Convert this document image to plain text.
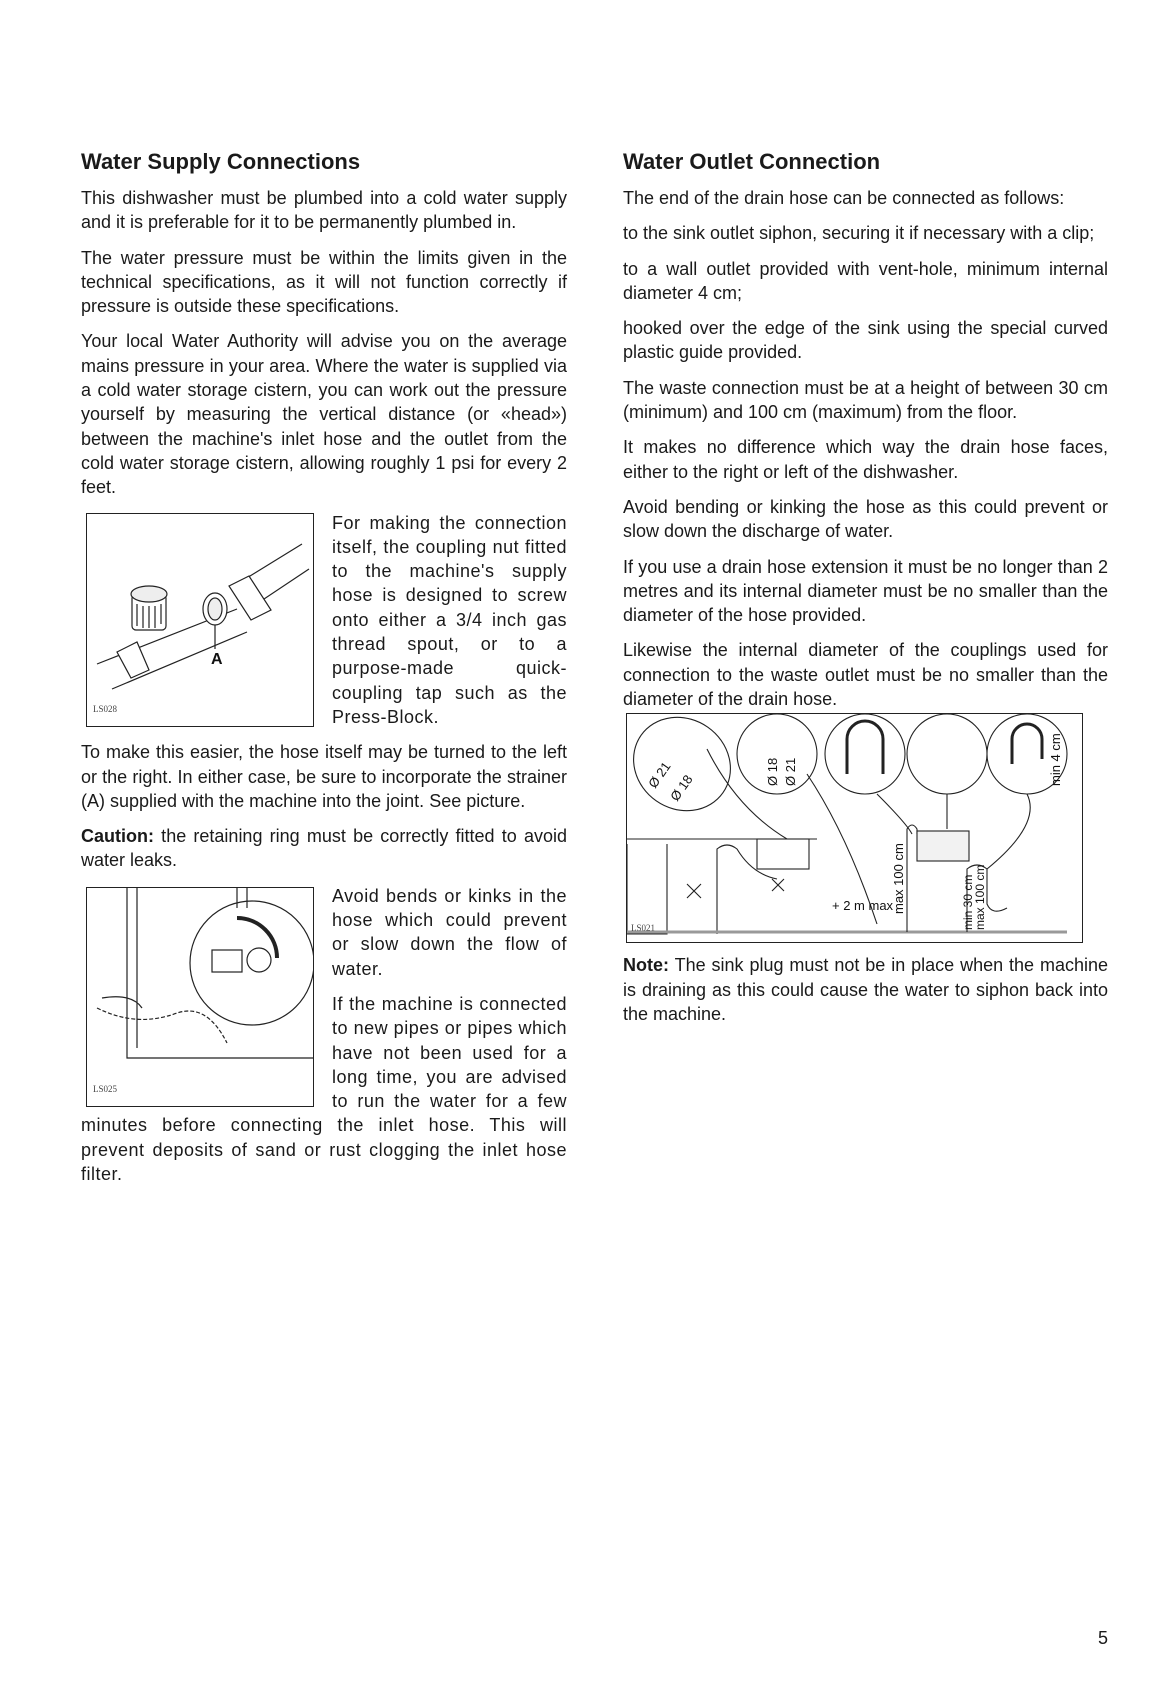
Water Supply Connections

This dishwasher must be plumbed into a cold water supply and it is preferable for it to be permanently plumbed in.

The water pressure must be within the limits given in the technical specifications, as it will not function correctly if pressure is outside these specifications.

Your local Water Authority will advise you on the average mains pressure in your area. Where the water is supplied via a cold water storage cistern, you can work out the pressure yourself by measuring the vertical distance (or «head») between the machine's inlet hose and the outlet from the cold water storage cistern, allowing roughly 1 psi for every 2 feet.

A
LS028

For making the connection itself, the coupling nut fitted to the machine's supply hose is designed to screw onto either a 3/4 inch gas thread spout, or to a purpose-made quick-coupling tap such as the Press-Block.

To make this easier, the hose itself may be turned to the left or the right. In either case, be sure to incorporate the strainer (A) supplied with the machine into the joint. See picture.

Caution: the retaining ring must be correctly fitted to avoid water leaks.

LS025

Avoid bends or kinks in the hose which could prevent or slow down the flow of water.

If the machine is connected to new pipes or pipes which have not been used for a long time, you are advised to run the water for a few minutes before connecting the inlet hose. This will prevent deposits of sand or rust clogging the inlet hose filter.

Water Outlet Connection

The end of the drain hose can be connected as follows:

to the sink outlet siphon, securing it if necessary with a clip;

to a wall outlet provided with vent-hole, minimum internal diameter 4 cm;

hooked over the edge of the sink using the special curved plastic guide provided.

The waste connection must be at a height of between 30 cm (minimum) and 100 cm (maximum) from the floor.

It makes no difference which way the drain hose faces, either to the right or left of the dishwasher.

Avoid bending or kinking the hose as this could prevent or slow down the discharge of water.

If you use a drain hose extension it must be no longer than 2 metres and its internal diameter must be no smaller than the diameter of the hose provided.

Likewise the internal diameter of the couplings used for connection to the waste outlet must be no smaller than the diameter of the drain hose.

Ø 21
Ø 18
Ø 18 Ø 21	min 4 cm
max 100 cm
+ 2 m max	min 30 cm
max 100 cm
LS021

Note: The sink plug must not be in place when the machine is draining as this could cause the water to siphon back into the machine.

5
